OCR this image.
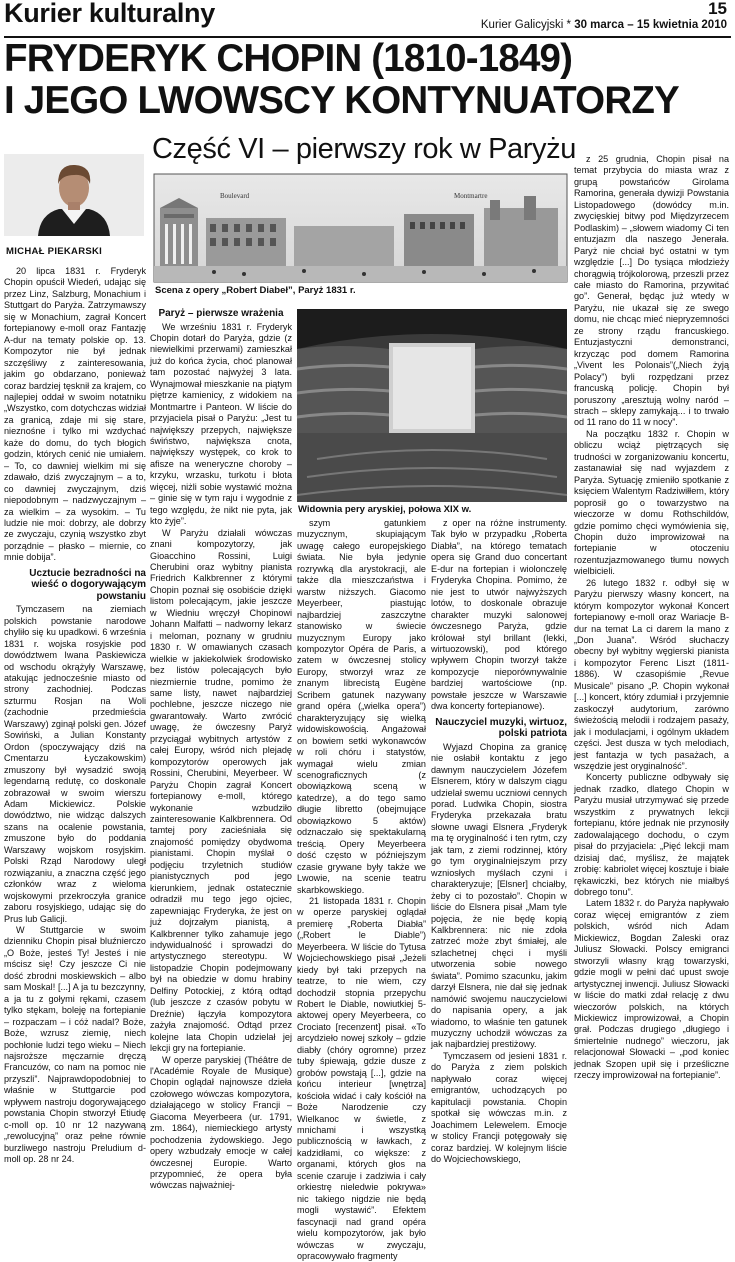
Kurier kulturalny	15
Kurier Galicyjski * 30 marca – 15 kwietnia 2010
FRYDERYK CHOPIN (1810-1849)
I JEGO LWOWSCY KONTYNUATORZY
Część VI – pierwszy rok w Paryżu
MICHAŁ PIEKARSKI
Boulevard	Montmartre
Scena z opery „Robert Diabeł”, Paryż 1831 r.
Widownia pery aryskiej, połowa XIX w.

20 lipca 1831 r. Fryderyk Chopin opuścił Wiedeń, udając się przez Linz, Salzburg, Monachium i Stuttgart do Paryża. Zatrzymawszy się w Monachium, zagrał Koncert fortepianowy e-moll oraz Fantazję A-dur na tematy polskie op. 13. Kompozytor nie był jednak szczęśliwy z zainteresowania, jakim go obdarzano, ponieważ coraz bardziej tęsknił za krajem, co najlepiej oddał w swoim notatniku „Wszystko, com dotychczas widział za granicą, zdaje mi się stare, nieznośne i tylko mi wzdychać każe do domu, do tych błogich godzin, których cenić nie umiałem. – To, co dawniej wielkim mi się zdawało, dziś zwyczajnym – a to, co dawniej zwyczajnym, dziś niepodobnym – nadzwyczajnym – za wielkim – za wysokim. – Tu ludzie nie moi: dobrzy, ale dobrzy ze zwyczaju, czynią wszystko zbyt porządnie – płasko – miernie, co mnie dobija”.

Ucztucie bezradności na wieść o dogorywającym powstaniu

Tymczasem na ziemiach polskich powstanie narodowe chyliło się ku upadkowi. 6 września 1831 r. wojska rosyjskie pod dowództwem Iwana Paskiewicza od wschodu okrążyły Warszawę, atakując jednocześnie miasto od strony zachodniej. Podczas szturmu Rosjan na Woli (zachodnie przedmieścia Warszawy) zginął polski gen. Józef Sowiński, a Julian Konstanty Ordon (spoczywający dziś na Cmentarzu Łyczakowskim) zmuszony był wysadzić swoją legendarną redutę, co doskonale zobrazował w swoim wierszu Adam Mickiewicz. Polskie dowództwo, nie widząc dalszych szans na ocalenie powstania, zmuszone było do poddania Warszawy wojskom rosyjskim. Polski Rząd Narodowy uległ rozwiązaniu, a znaczna część jego członków wraz z wieloma wojskowymi przekroczyła granice zaboru rosyjskiego, udając się do Prus lub Galicji.

W Stuttgarcie w swoim dzienniku Chopin pisał bluźnierczo „O Boże, jesteś Ty! Jesteś i nie mścisz się! Czy jeszcze Ci nie dość zbrodni moskiewskich – albo sam Moskal! [...] A ja tu bezczynny, a ja tu z gołymi rękami, czasem tylko stękam, boleję na fortepianie – rozpaczam – i cóż nadal? Boże, Boże, wzrusz ziemię, niech pochłonie ludzi tego wieku – Niech najsroższe męczarnie dręczą Francuzów, co nam na pomoc nie przyszli”. Najprawdopodobniej to właśnie w Stuttgarcie pod wpływem nastroju dogorywającego powstania Chopin stworzył Etiudę c-moll op. 10 nr 12 nazywaną „rewolucyjną” oraz pełne równie burzliwego nastroju Preludium d-moll op. 28 nr 24.

Paryż – pierwsze wrażenia

We wrześniu 1831 r. Fryderyk Chopin dotarł do Paryża, gdzie (z niewielkimi przerwami) zamieszkał już do końca życia, choć planował tam pozostać najwyżej 3 lata. Wynajmował mieszkanie na piątym piętrze kamienicy, z widokiem na Montmartre i Panteon. W liście do przyjaciela pisał o Paryżu: „Jest tu największy przepych, największe świństwo, największa cnota, największy występek, co krok to afisze na weneryczne choroby – krzyku, wrzasku, turkotu i błota więcej, niżli sobie wystawić można – ginie się w tym raju i wygodnie z tego względu, że nikt nie pyta, jak kto żyje”.

W Paryżu działali wówczas znani kompozytorzy, jak Gioacchino Rossini, Luigi Cherubini oraz wybitny pianista Friedrich Kalkbrenner z którymi Chopin poznał się osobiście dzięki listom polecającym, jakie jeszcze w Wiedniu wręczył Chopinowi Johann Malfatti – nadworny lekarz i meloman, poznany w grudniu 1830 r. W omawianych czasach wielkie w jakiekolwiek środowisko bez listów polecających było niezmiernie trudne, pomimo że same listy, nawet najbardziej pochlebne, jeszcze niczego nie gwarantowały. Warto zwrócić uwagę, że ówczesny Paryż przyciągał wybitnych artystów z całej Europy, wśród nich plejadę kompozytorów operowych jak Rossini, Cherubini, Meyerbeer. W Paryżu Chopin zagrał Koncert fortepianowy e-moll, którego wykonanie wzbudziło zainteresowanie Kalkbrennera. Od tamtej pory zacieśniała się znajomość pomiędzy obydwoma pianistami. Chopin myślał o podjęciu trzyletnich studiów pianistycznych pod jego kierunkiem, jednak ostatecznie odradził mu tego jego ojciec, zapewniając Fryderyka, że jest on już dojrzałym pianistą, a Kalkbrenner tylko zahamuje jego indywidualność i sprowadzi do artystycznego stereotypu. W listopadzie Chopin podejmowany był na obiedzie w domu hrabiny Delfiny Potockiej, z którą odtąd (lub jeszcze z czasów pobytu w Dreźnie) łączyła kompozytora zażyła znajomość. Odtąd przez kolejne lata Chopin udzielał jej lekcji gry na fortepianie.

W operze paryskiej (Théâtre de l'Académie Royale de Musique) Chopin oglądał najnowsze dzieła czołowego wówczas kompozytora, działającego w stolicy Francji – Giacoma Meyerbeera (ur. 1791, zm. 1864), niemieckiego artysty pochodzenia żydowskiego. Jego opery wzbudzały emocje w całej ówczesnej Europie. Warto przypomnieć, że opera była wówczas najważniej-

szym gatunkiem muzycznym, skupiającym uwagę całego europejskiego świata. Nie była jedynie rozrywką dla arystokracji, ale także dla mieszczaństwa i warstw niższych. Giacomo Meyerbeer, piastując najbardziej zaszczytne stanowisko w świecie muzycznym Europy jako kompozytor Opéra de Paris, a zatem w ówczesnej stolicy Europy, stworzył wraz ze znanym librecistą Eugène Scribem gatunek nazywany grand opéra („wielka opera”) charakteryzujący się wielką widowiskowością. Angażował on bowiem setki wykonawców w roli chóru i statystów, wymagał wielu zmian scenograficznych (z obowiązkową sceną w katedrze), a do tego samo długie libretto (obejmujące obowiązkowo 5 aktów) odznaczało się spektakularną treścią. Opery Meyerbeera dość często w późniejszym czasie grywane były także we Lwowie, na scenie teatru skarbkowskiego.

21 listopada 1831 r. Chopin w operze paryskiej oglądał premierę „Roberta Diabła” („Robert le Diable”) Meyerbeera. W liście do Tytusa Wojciechowskiego pisał „Jeżeli kiedy był taki przepych na teatrze, to nie wiem, czy dochodził stopnia przepychu Robert le Diable, nowiutkiej 5-aktowej opery Meyerbeera, co Crociato [recenzent] pisał. «To arcydzieło nowej szkoły – gdzie diabły (chóry ogromne) przez tuby śpiewają, gdzie dusze z grobów powstają [...], gdzie na końcu interieur [wnętrza] kościoła widać i cały kościół na Boże Narodzenie czy Wielkanoc w świetle, z mnichami i wszystką publicznością w ławkach, z kadzidłami, co większe: z organami, których głos na scenie czaruje i zadziwia i cały orkiestrę nieledwie pokrywa» nic takiego nigdzie nie będą mogli wystawić”. Efektem fascynacji nad grand opéra wielu kompozytorów, jak było wówczas w zwyczaju, opracowywało fragmenty

z oper na różne instrumenty. Tak było w przypadku „Roberta Diabła”, na którego tematach opera się Grand duo concertant E-dur na fortepian i wiolonczelę Fryderyka Chopina. Pomimo, że nie jest to utwór najwyższych lotów, to doskonale obrazuje charakter muzyki salonowej ówczesnego Paryża, gdzie królował styl brillant (lekki, wirtuozowski), pod którego wpływem Chopin tworzył także kompozycje nieporównywalnie bardziej wartościowe (np. powstałe jeszcze w Warszawie dwa koncerty fortepianowe).

Nauczyciel muzyki, wirtuoz, polski patriota

Wyjazd Chopina za granicę nie osłabił kontaktu z jego dawnym nauczycielem Józefem Elsnerem, który w dalszym ciągu udzielał swemu uczniowi cennych porad. Ludwika Chopin, siostra Fryderyka przekazała bratu słowne uwagi Elsnera „Fryderyk ma tę oryginalność i ten rytm, czy jak tam, z ziemi rodzinnej, który go tym oryginalniejszym przy wzniosłych myślach czyni i charakteryzuje; [Elsner] chciałby, żeby ci to pozostało”. Chopin w liście do Elsnera pisał „Mam tyle pojęcia, że nie będę kopią Kalkbrennera: nic nie zdoła zatrzeć może zbyt śmiałej, ale szlachetnej chęci i myśli utworzenia sobie nowego świata”. Pomimo szacunku, jakim darzył Elsnera, nie dał się jednak namówić swojemu nauczycielowi do napisania opery, a jak wiadomo, to właśnie ten gatunek muzyczny uchodził wówczas za jak najbardziej prestiżowy.

Tymczasem od jesieni 1831 r. do Paryża z ziem polskich napływało coraz więcej emigrantów, uchodzących po kapitulacji powstania. Chopin spotkał się wówczas m.in. z Joachimem Lelewelem. Emocje w stolicy Francji potęgowały się coraz bardziej. W kolejnym liście do Wojciechowskiego,

z 25 grudnia, Chopin pisał na temat przybycia do miasta wraz z grupą powstańców Girolama Ramorina, generała dywizji Powstania Listopadowego (dowódcy m.in. zwycięskiej bitwy pod Międzyrzecem Podlaskim) – „słowem wiadomy Ci ten entuzjazm dla naszego Jenerała. Paryż nie chciał być ostatni w tym względzie [...] Do tysiąca młodzieży chorągwią trójkolorową, przeszli przez całe miasto do Ramorina, przywitać go”. Generał, będąc już wtedy w Paryżu, nie ukazał się ze swego domu, nie chcąc mieć niepryzemności ze strony rządu francuskiego. Entuzjastyczni demonstranci, krzycząc pod domem Ramorina „Vivent les Polonais”(„Niech żyją Polacy”) byli rozpędzani przez francuską policję. Chopin był poruszony „aresztują wolny naród – strach – sklepy zamykają... i to trwało od 11 rano do 11 w nocy”.

Na początku 1832 r. Chopin w obliczu wciąż piętrzących się trudności w zorganizowaniu koncertu, zastanawiał się nad wyjazdem z Paryża. Sytuację zmieniło spotkanie z księciem Walentym Radziwiłłem, który poprosił go o towarzystwo na wieczorze w domu Rothschildów, gdzie pomimo chęci wymówienia się, Chopin dużo improwizował na fortepianie w otoczeniu rozentuzjazmowanego tłumu nowych wielbicieli.

26 lutego 1832 r. odbył się w Paryżu pierwszy własny koncert, na którym kompozytor wykonał Koncert fortepianowy e-moll oraz Wariacje B-dur na temat La ci darem la mano z „Don Juana”. Wśród słuchaczy obecny był wybitny węgierski pianista i kompozytor Ferenc Liszt (1811-1886). W czasopiśmie „Revue Musicale” pisano „P. Chopin wykonał [...] koncert, który zdumiał i przyjemnie zaskoczył audytorium, zarówno świeżością melodii i rodzajem pasaży, jak i modulacjami, i ogólnym układem części. Jest dusza w tych melodiach, jest fantazja w tych pasażach, a wszędzie jest oryginalność”.

Koncerty publiczne odbywały się jednak rzadko, dlatego Chopin w Paryżu musiał utrzymywać się przede wszystkim z prywatnych lekcji fortepianu, które jednak nie przynosiły zadowalającego dochodu, o czym pisał do przyjaciela: „Pięć lekcji mam dzisiaj dać, myślisz, że majątek zrobię: kabriolet więcej kosztuje i białe rękawiczki, bez których nie miałbyś dobrego tonu”.

Latem 1832 r. do Paryża napływało coraz więcej emigrantów z ziem polskich, wśród nich Adam Mickiewicz, Bogdan Zaleski oraz Juliusz Słowacki. Polscy emigranci stworzyli własny krąg towarzyski, gdzie mogli w pełni dać upust swoje artystycznej inwencji. Juliusz Słowacki w liście do matki zdał relację z dwu wieczorów polskich, na których Mickiewicz improwizował, a Chopin grał. Podczas drugiego „długiego i śmiertelnie nudnego” wieczoru, jak relacjonował Słowacki – „pod koniec jednak Szopen upił się i prześliczne rzeczy improwizował na fortepianie”.
